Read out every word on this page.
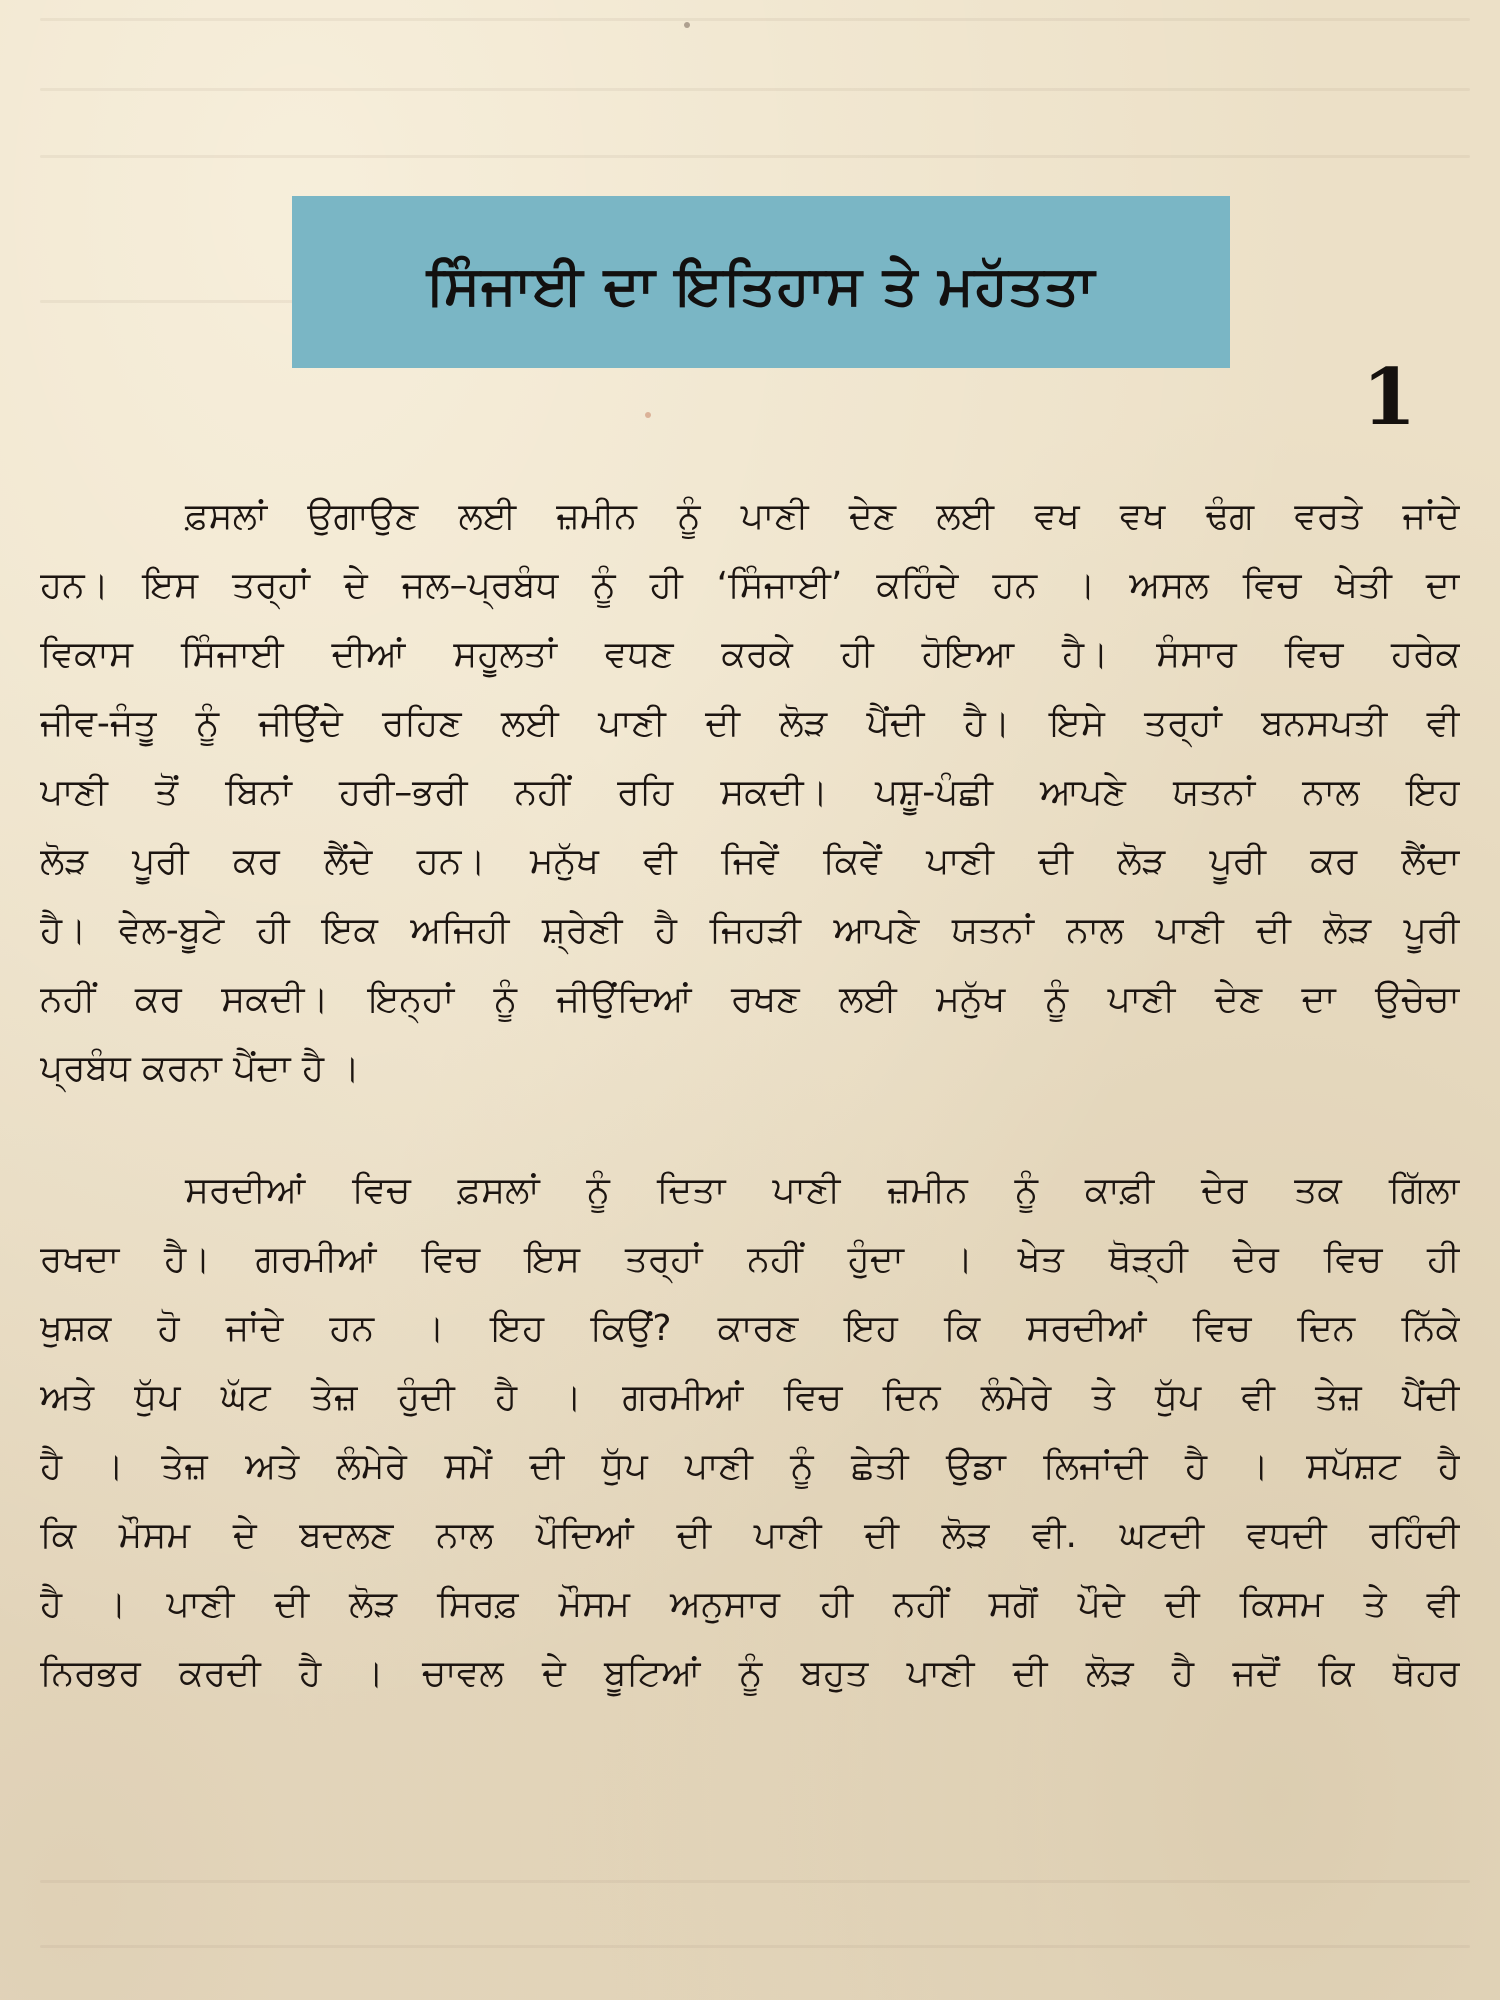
ਸਿੰਜਾਈ ਦਾ ਇਤਿਹਾਸ ਤੇ ਮਹੱਤਤਾ
1
ਫ਼ਸਲਾਂ ਉਗਾਉਣ ਲਈ ਜ਼ਮੀਨ ਨੂੰ ਪਾਣੀ ਦੇਣ ਲਈ ਵਖ ਵਖ ਢੰਗ ਵਰਤੇ ਜਾਂਦੇ
ਹਨ। ਇਸ ਤਰ੍ਹਾਂ ਦੇ ਜਲ–ਪ੍ਰਬੰਧ ਨੂੰ ਹੀ ‘ਸਿੰਜਾਈ’ ਕਹਿੰਦੇ ਹਨ । ਅਸਲ ਵਿਚ ਖੇਤੀ ਦਾ
ਵਿਕਾਸ ਸਿੰਜਾਈ ਦੀਆਂ ਸਹੂਲਤਾਂ ਵਧਣ ਕਰਕੇ ਹੀ ਹੋਇਆ ਹੈ। ਸੰਸਾਰ ਵਿਚ ਹਰੇਕ
ਜੀਵ-ਜੰਤੂ ਨੂੰ ਜੀਉਂਦੇ ਰਹਿਣ ਲਈ ਪਾਣੀ ਦੀ ਲੋੜ ਪੈਂਦੀ ਹੈ। ਇਸੇ ਤਰ੍ਹਾਂ ਬਨਸਪਤੀ ਵੀ
ਪਾਣੀ ਤੋਂ ਬਿਨਾਂ ਹਰੀ–ਭਰੀ ਨਹੀਂ ਰਹਿ ਸਕਦੀ। ਪਸ਼ੂ-ਪੰਛੀ ਆਪਣੇ ਯਤਨਾਂ ਨਾਲ ਇਹ
ਲੋੜ ਪੂਰੀ ਕਰ ਲੈਂਦੇ ਹਨ। ਮਨੁੱਖ ਵੀ ਜਿਵੇਂ ਕਿਵੇਂ ਪਾਣੀ ਦੀ ਲੋੜ ਪੂਰੀ ਕਰ ਲੈਂਦਾ
ਹੈ। ਵੇਲ-ਬੂਟੇ ਹੀ ਇਕ ਅਜਿਹੀ ਸ਼੍ਰੇਣੀ ਹੈ ਜਿਹੜੀ ਆਪਣੇ ਯਤਨਾਂ ਨਾਲ ਪਾਣੀ ਦੀ ਲੋੜ ਪੂਰੀ
ਨਹੀਂ ਕਰ ਸਕਦੀ। ਇਨ੍ਹਾਂ ਨੂੰ ਜੀਉਂਦਿਆਂ ਰਖਣ ਲਈ ਮਨੁੱਖ ਨੂੰ ਪਾਣੀ ਦੇਣ ਦਾ ਉਚੇਚਾ
ਪ੍ਰਬੰਧ ਕਰਨਾ ਪੈਂਦਾ ਹੈ ।
ਸਰਦੀਆਂ ਵਿਚ ਫ਼ਸਲਾਂ ਨੂੰ ਦਿਤਾ ਪਾਣੀ ਜ਼ਮੀਨ ਨੂੰ ਕਾਫ਼ੀ ਦੇਰ ਤਕ ਗਿੱਲਾ
ਰਖਦਾ ਹੈ। ਗਰਮੀਆਂ ਵਿਚ ਇਸ ਤਰ੍ਹਾਂ ਨਹੀਂ ਹੁੰਦਾ । ਖੇਤ ਥੋੜ੍ਹੀ ਦੇਰ ਵਿਚ ਹੀ
ਖੁਸ਼ਕ ਹੋ ਜਾਂਦੇ ਹਨ । ਇਹ ਕਿਉਂ? ਕਾਰਣ ਇਹ ਕਿ ਸਰਦੀਆਂ ਵਿਚ ਦਿਨ ਨਿੱਕੇ
ਅਤੇ ਧੁੱਪ ਘੱਟ ਤੇਜ਼ ਹੁੰਦੀ ਹੈ । ਗਰਮੀਆਂ ਵਿਚ ਦਿਨ ਲੰਮੇਰੇ ਤੇ ਧੁੱਪ ਵੀ ਤੇਜ਼ ਪੈਂਦੀ
ਹੈ । ਤੇਜ਼ ਅਤੇ ਲੰਮੇਰੇ ਸਮੇਂ ਦੀ ਧੁੱਪ ਪਾਣੀ ਨੂੰ ਛੇਤੀ ਉਡਾ ਲਿਜਾਂਦੀ ਹੈ । ਸਪੱਸ਼ਟ ਹੈ
ਕਿ ਮੌਸਮ ਦੇ ਬਦਲਣ ਨਾਲ ਪੌਦਿਆਂ ਦੀ ਪਾਣੀ ਦੀ ਲੋੜ ਵੀ. ਘਟਦੀ ਵਧਦੀ ਰਹਿੰਦੀ
ਹੈ । ਪਾਣੀ ਦੀ ਲੋੜ ਸਿਰਫ਼ ਮੌਸਮ ਅਨੁਸਾਰ ਹੀ ਨਹੀਂ ਸਗੋਂ ਪੌਦੇ ਦੀ ਕਿਸਮ ਤੇ ਵੀ
ਨਿਰਭਰ ਕਰਦੀ ਹੈ । ਚਾਵਲ ਦੇ ਬੂਟਿਆਂ ਨੂੰ ਬਹੁਤ ਪਾਣੀ ਦੀ ਲੋੜ ਹੈ ਜਦੋਂ ਕਿ ਥੋਹਰ
